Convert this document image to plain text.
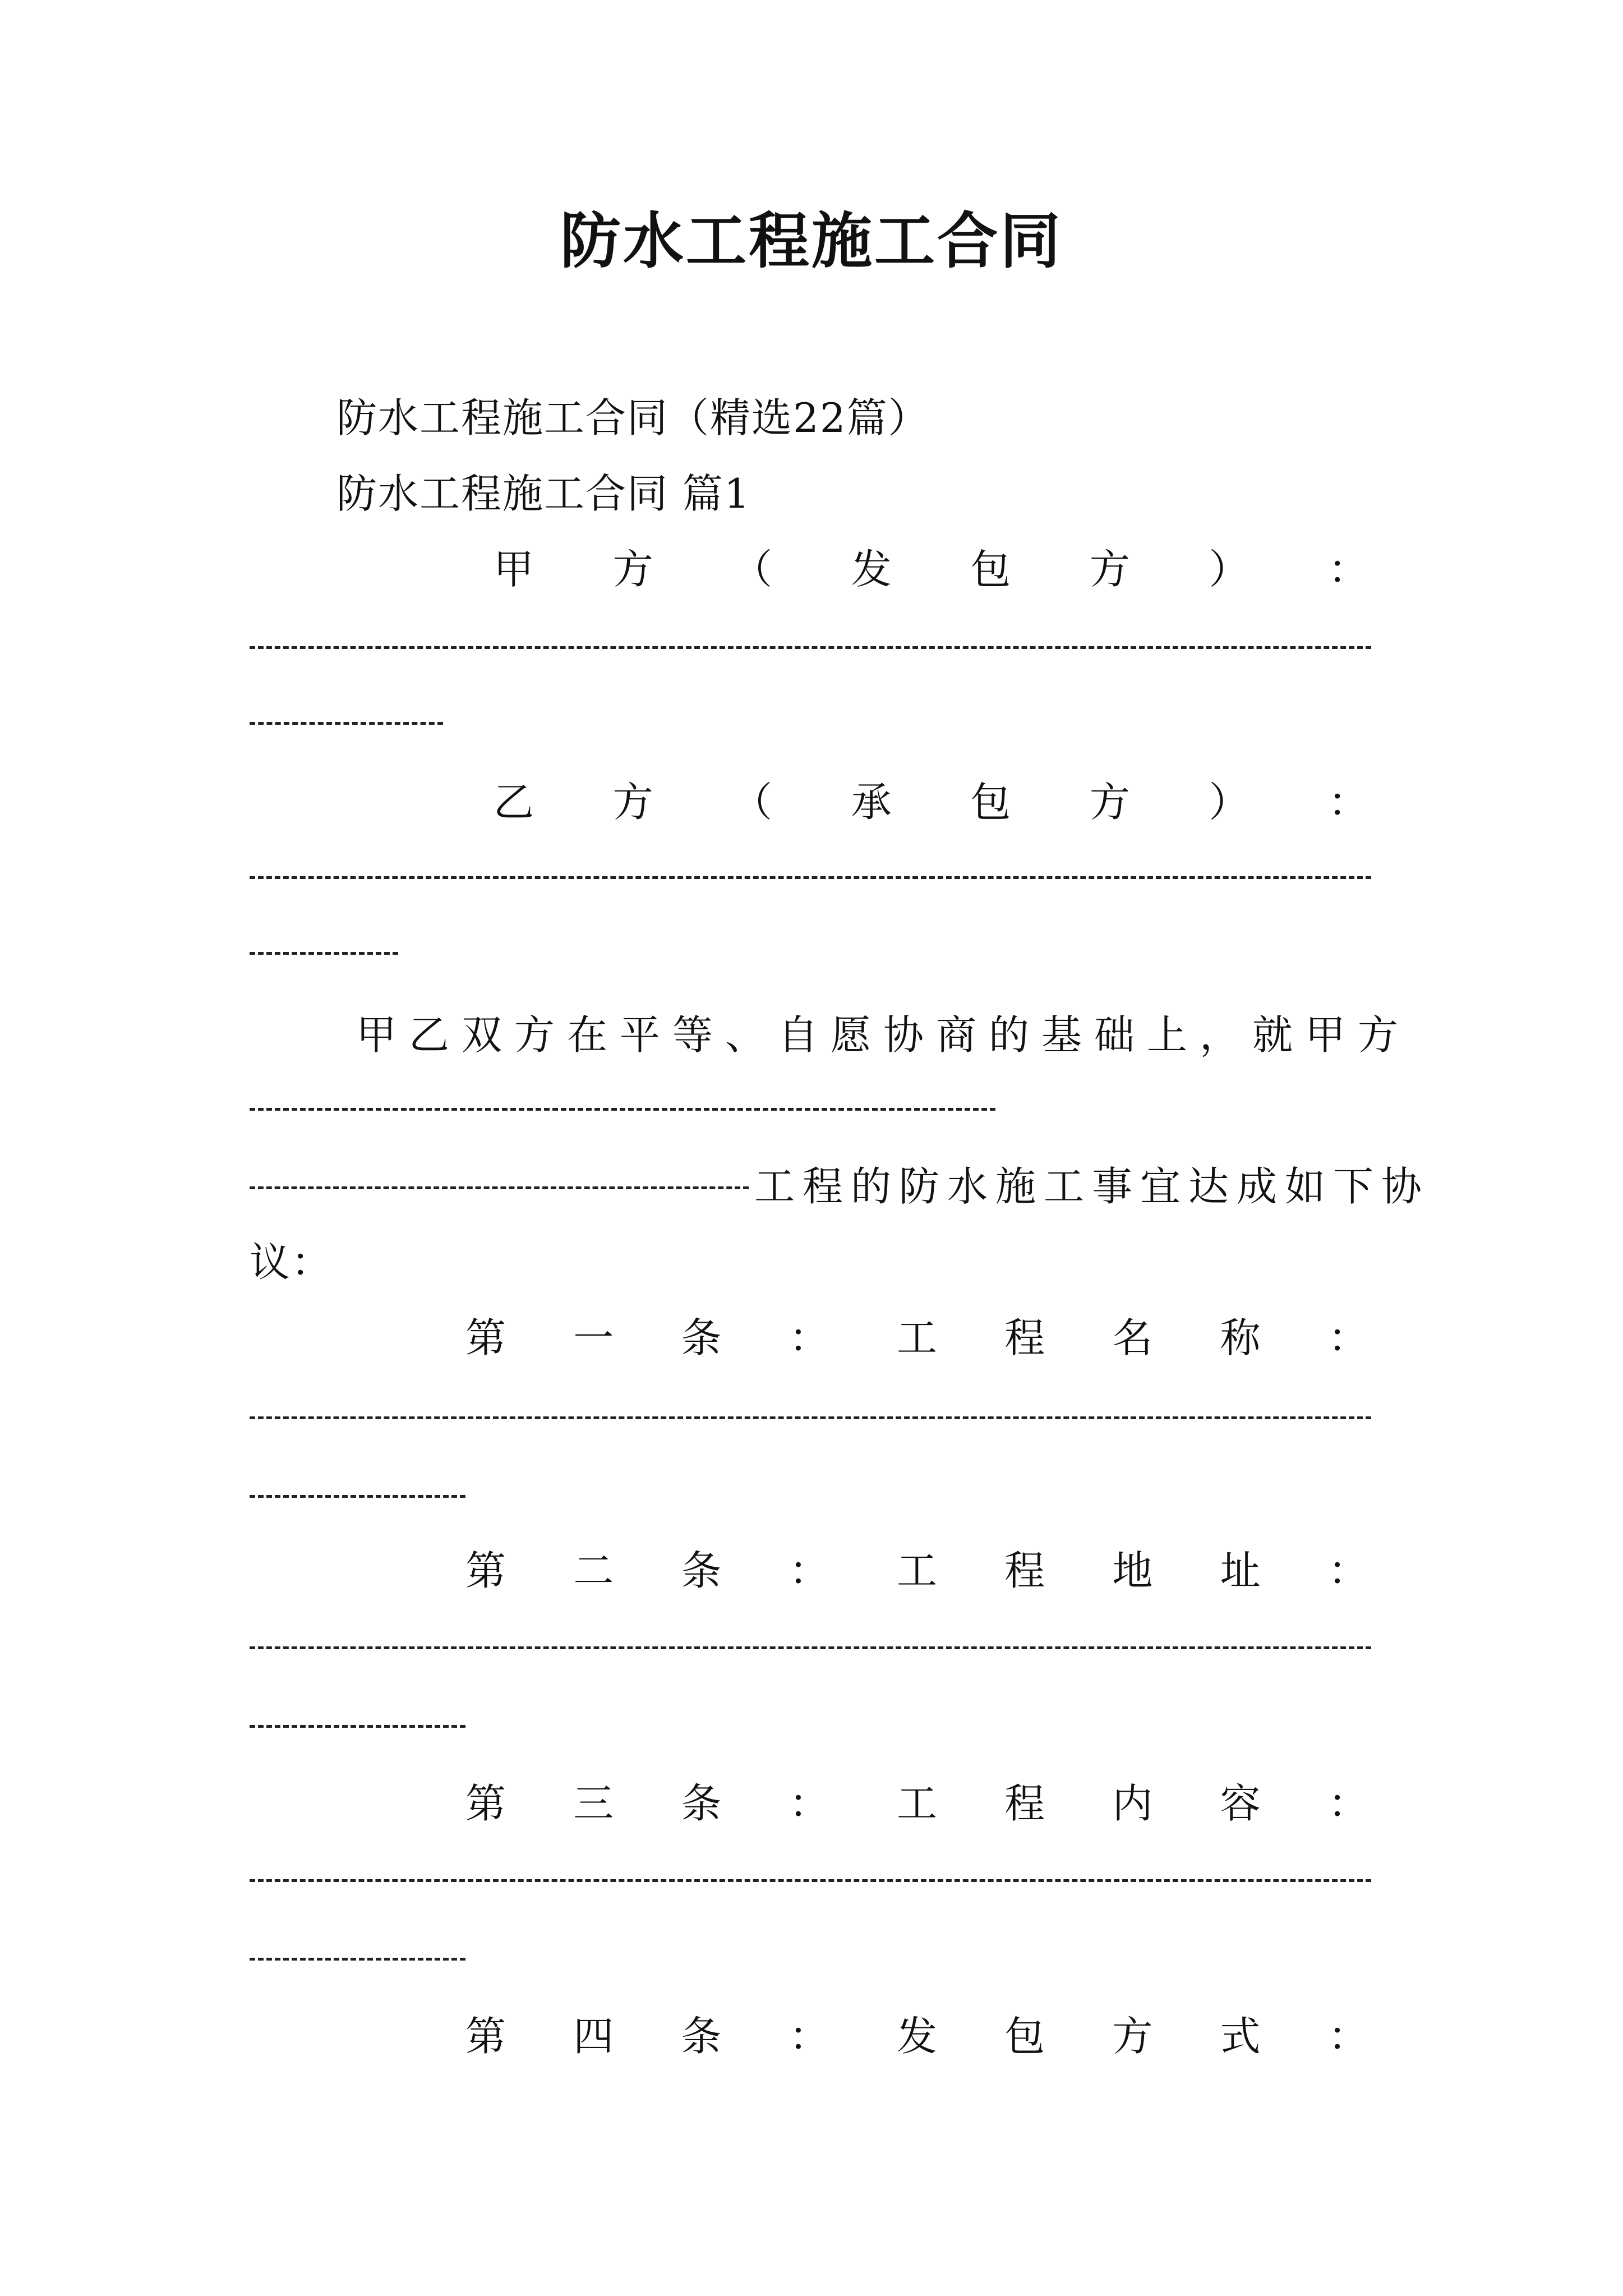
防水工程施工合同
防水工程施工合同（精选22篇）
防水工程施工合同 篇1
甲 方 （ 发 包 方 ） ：
乙 方 （ 承 包 方 ） ：
甲乙双方在平等、自愿协商的基础上，就甲方
工程的防水施工事宜达成如下协
议：
第 一 条 ： 工 程 名 称 ：
第 二 条 ： 工 程 地 址 ：
第 三 条 ： 工 程 内 容 ：
第 四 条 ： 发 包 方 式 ：
